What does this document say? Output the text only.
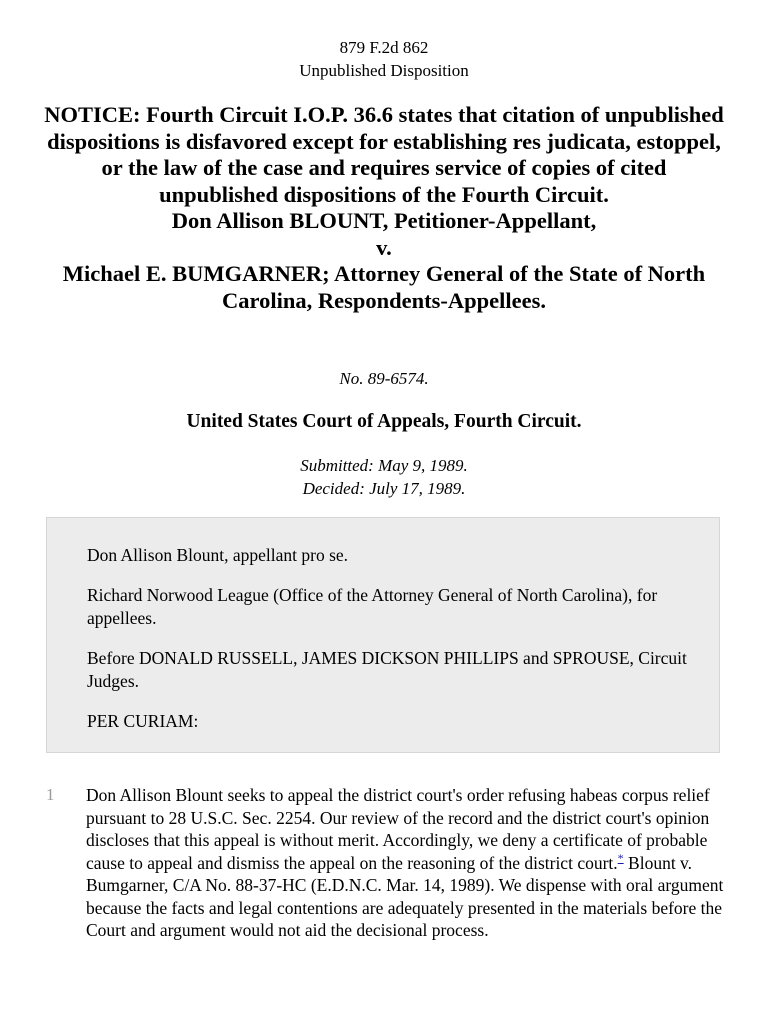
879 F.2d 862
Unpublished Disposition
NOTICE: Fourth Circuit I.O.P. 36.6 states that citation of unpublished dispositions is disfavored except for establishing res judicata, estoppel, or the law of the case and requires service of copies of cited unpublished dispositions of the Fourth Circuit.
Don Allison BLOUNT, Petitioner-Appellant,
v.
Michael E. BUMGARNER; Attorney General of the State of North Carolina, Respondents-Appellees.
No. 89-6574.
United States Court of Appeals, Fourth Circuit.
Submitted: May 9, 1989.
Decided: July 17, 1989.

Don Allison Blount, appellant pro se.

Richard Norwood League (Office of the Attorney General of North Carolina), for appellees.

Before DONALD RUSSELL, JAMES DICKSON PHILLIPS and SPROUSE, Circuit Judges.

PER CURIAM:

1 Don Allison Blount seeks to appeal the district court's order refusing habeas corpus relief pursuant to 28 U.S.C. Sec. 2254. Our review of the record and the district court's opinion discloses that this appeal is without merit. Accordingly, we deny a certificate of probable cause to appeal and dismiss the appeal on the reasoning of the district court.* Blount v. Bumgarner, C/A No. 88-37-HC (E.D.N.C. Mar. 14, 1989). We dispense with oral argument because the facts and legal contentions are adequately presented in the materials before the Court and argument would not aid the decisional process.
